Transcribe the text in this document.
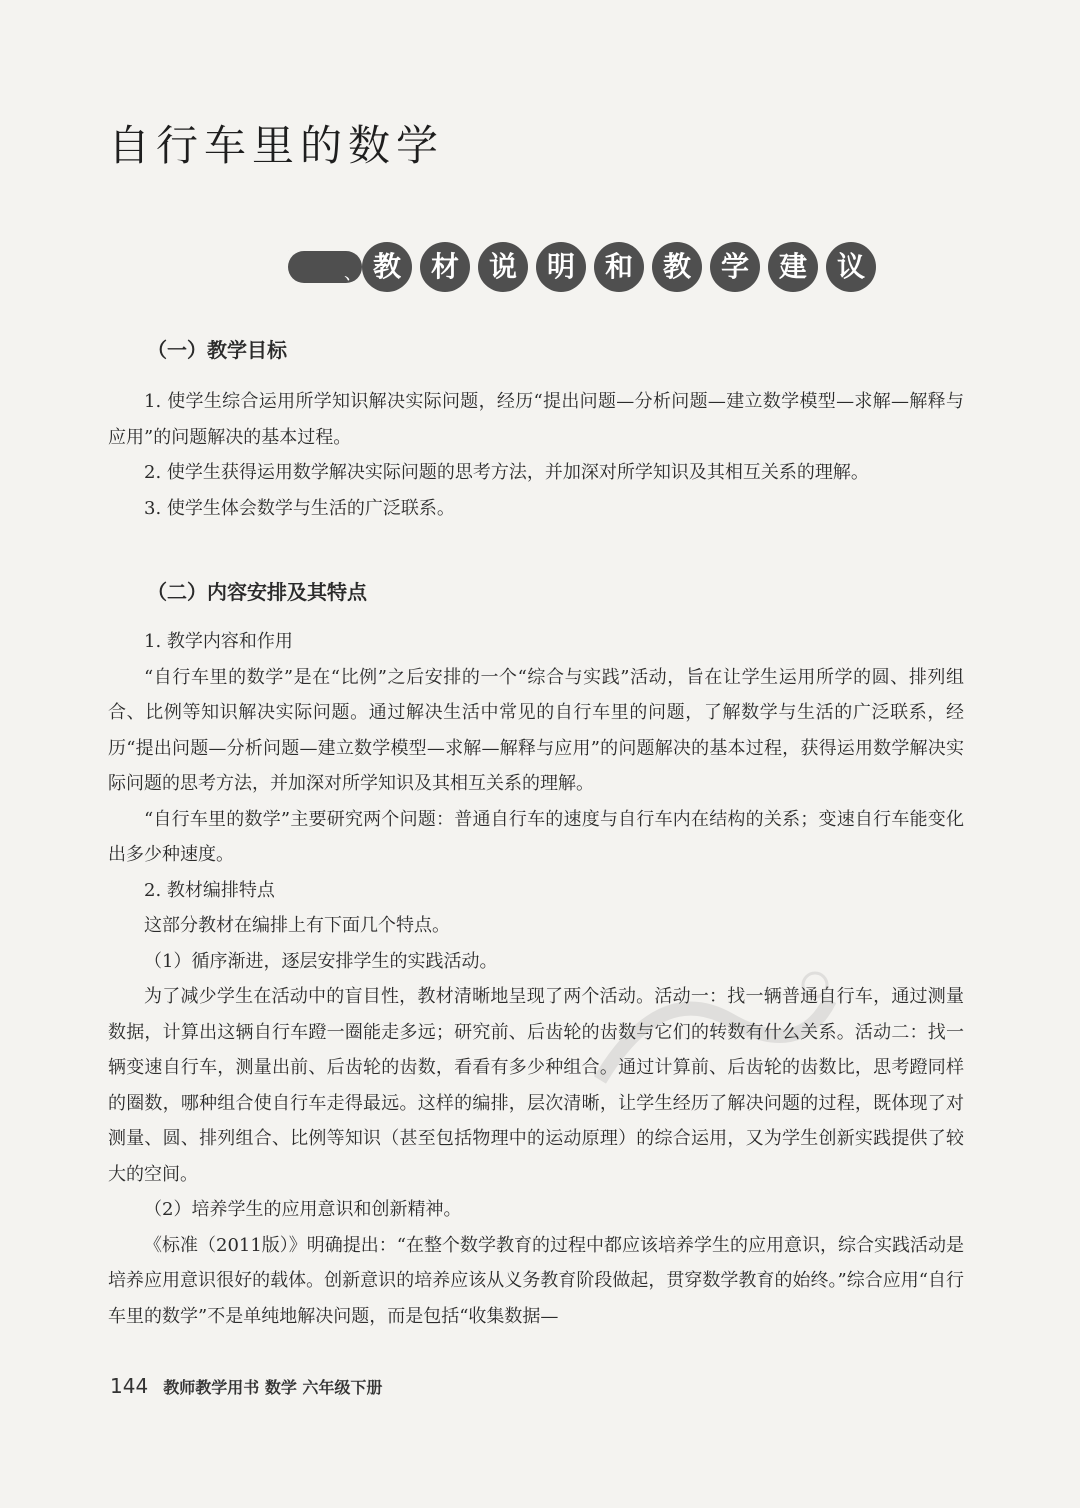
自行车里的数学
一
、 教	材	说	明	和	教	学	建	议
（一）教学目标

1. 使学生综合运用所学知识解决实际问题，经历“提出问题—分析问题—建立数学模型—求解—解释与应用”的问题解决的基本过程。

2. 使学生获得运用数学解决实际问题的思考方法，并加深对所学知识及其相互关系的理解。

3. 使学生体会数学与生活的广泛联系。

（二）内容安排及其特点

1. 教学内容和作用

“自行车里的数学”是在“比例”之后安排的一个“综合与实践”活动，旨在让学生运用所学的圆、排列组合、比例等知识解决实际问题。通过解决生活中常见的自行车里的问题，了解数学与生活的广泛联系，经历“提出问题—分析问题—建立数学模型—求解—解释与应用”的问题解决的基本过程，获得运用数学解决实际问题的思考方法，并加深对所学知识及其相互关系的理解。

“自行车里的数学”主要研究两个问题：普通自行车的速度与自行车内在结构的关系；变速自行车能变化出多少种速度。

2. 教材编排特点

这部分教材在编排上有下面几个特点。

（1）循序渐进，逐层安排学生的实践活动。

为了减少学生在活动中的盲目性，教材清晰地呈现了两个活动。活动一：找一辆普通自行车，通过测量数据，计算出这辆自行车蹬一圈能走多远；研究前、后齿轮的齿数与它们的转数有什么关系。活动二：找一辆变速自行车，测量出前、后齿轮的齿数，看看有多少种组合。通过计算前、后齿轮的齿数比，思考蹬同样的圈数，哪种组合使自行车走得最远。这样的编排，层次清晰，让学生经历了解决问题的过程，既体现了对测量、圆、排列组合、比例等知识（甚至包括物理中的运动原理）的综合运用，又为学生创新实践提供了较大的空间。

（2）培养学生的应用意识和创新精神。

《标准（2011版）》明确提出：“在整个数学教育的过程中都应该培养学生的应用意识，综合实践活动是培养应用意识很好的载体。创新意识的培养应该从义务教育阶段做起，贯穿数学教育的始终。”综合应用“自行车里的数学”不是单纯地解决问题，而是包括“收集数据—

144 教师教学用书 数学 六年级下册
